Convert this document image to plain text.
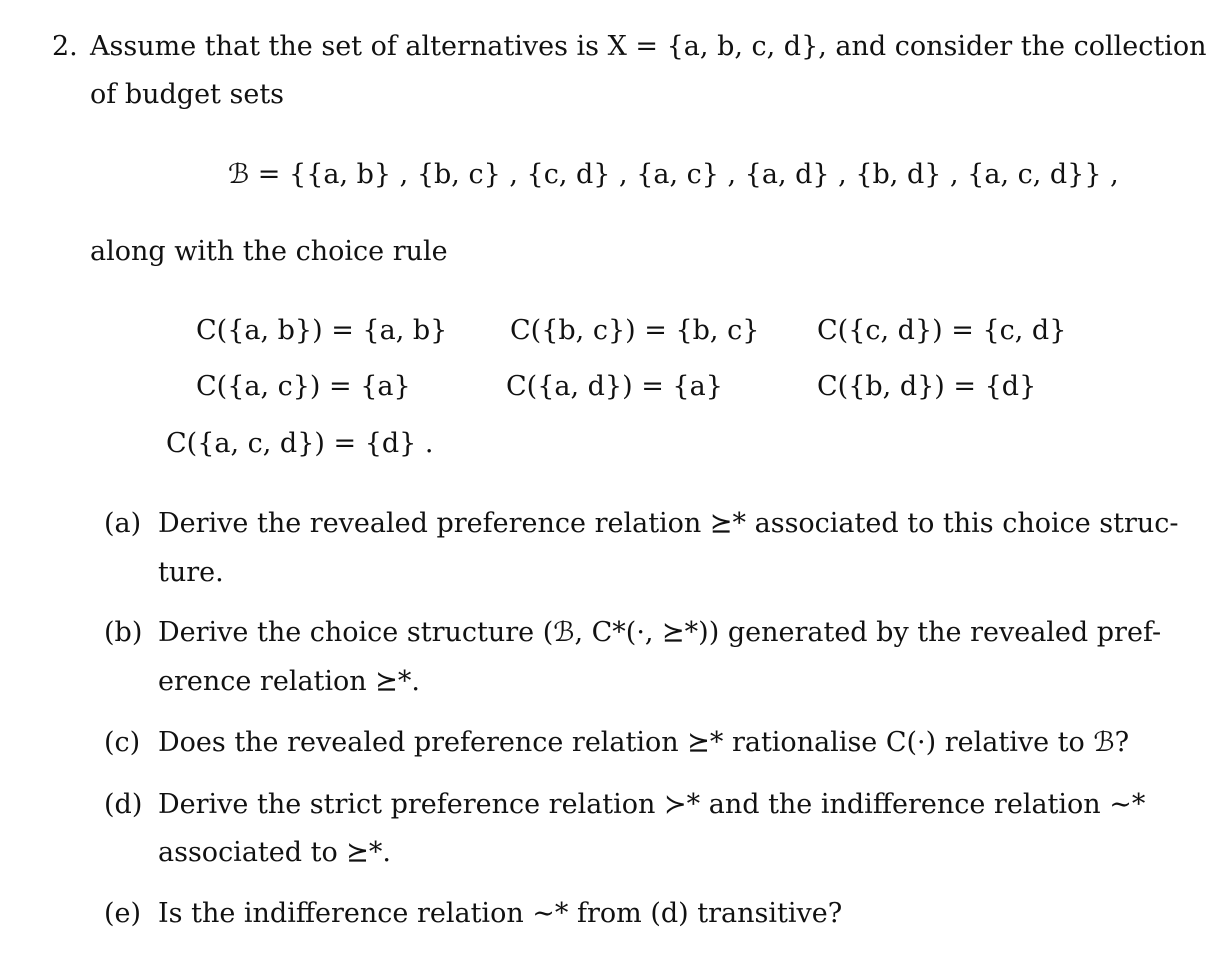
2. Assume that the set of alternatives is X = {a, b, c, d}, and consider the collection
of budget sets
ℬ = {{a, b} , {b, c} , {c, d} , {a, c} , {a, d} , {b, d} , {a, c, d}} ,
along with the choice rule
C({a, b}) = {a, b} C({b, c}) = {b, c} C({c, d}) = {c, d}
C({a, c}) = {a}	C({a, d}) = {a}	C({b, d}) = {d}
C({a, c, d}) = {d} .
(a) Derive the revealed preference relation ⪰* associated to this choice struc-
ture.
(b) Derive the choice structure (ℬ, C*(·, ⪰*)) generated by the revealed pref-
erence relation ⪰*.
(c) Does the revealed preference relation ⪰* rationalise C(·) relative to ℬ?
(d) Derive the strict preference relation ≻* and the indifference relation ∼*
associated to ⪰*.
(e) Is the indifference relation ∼* from (d) transitive?
